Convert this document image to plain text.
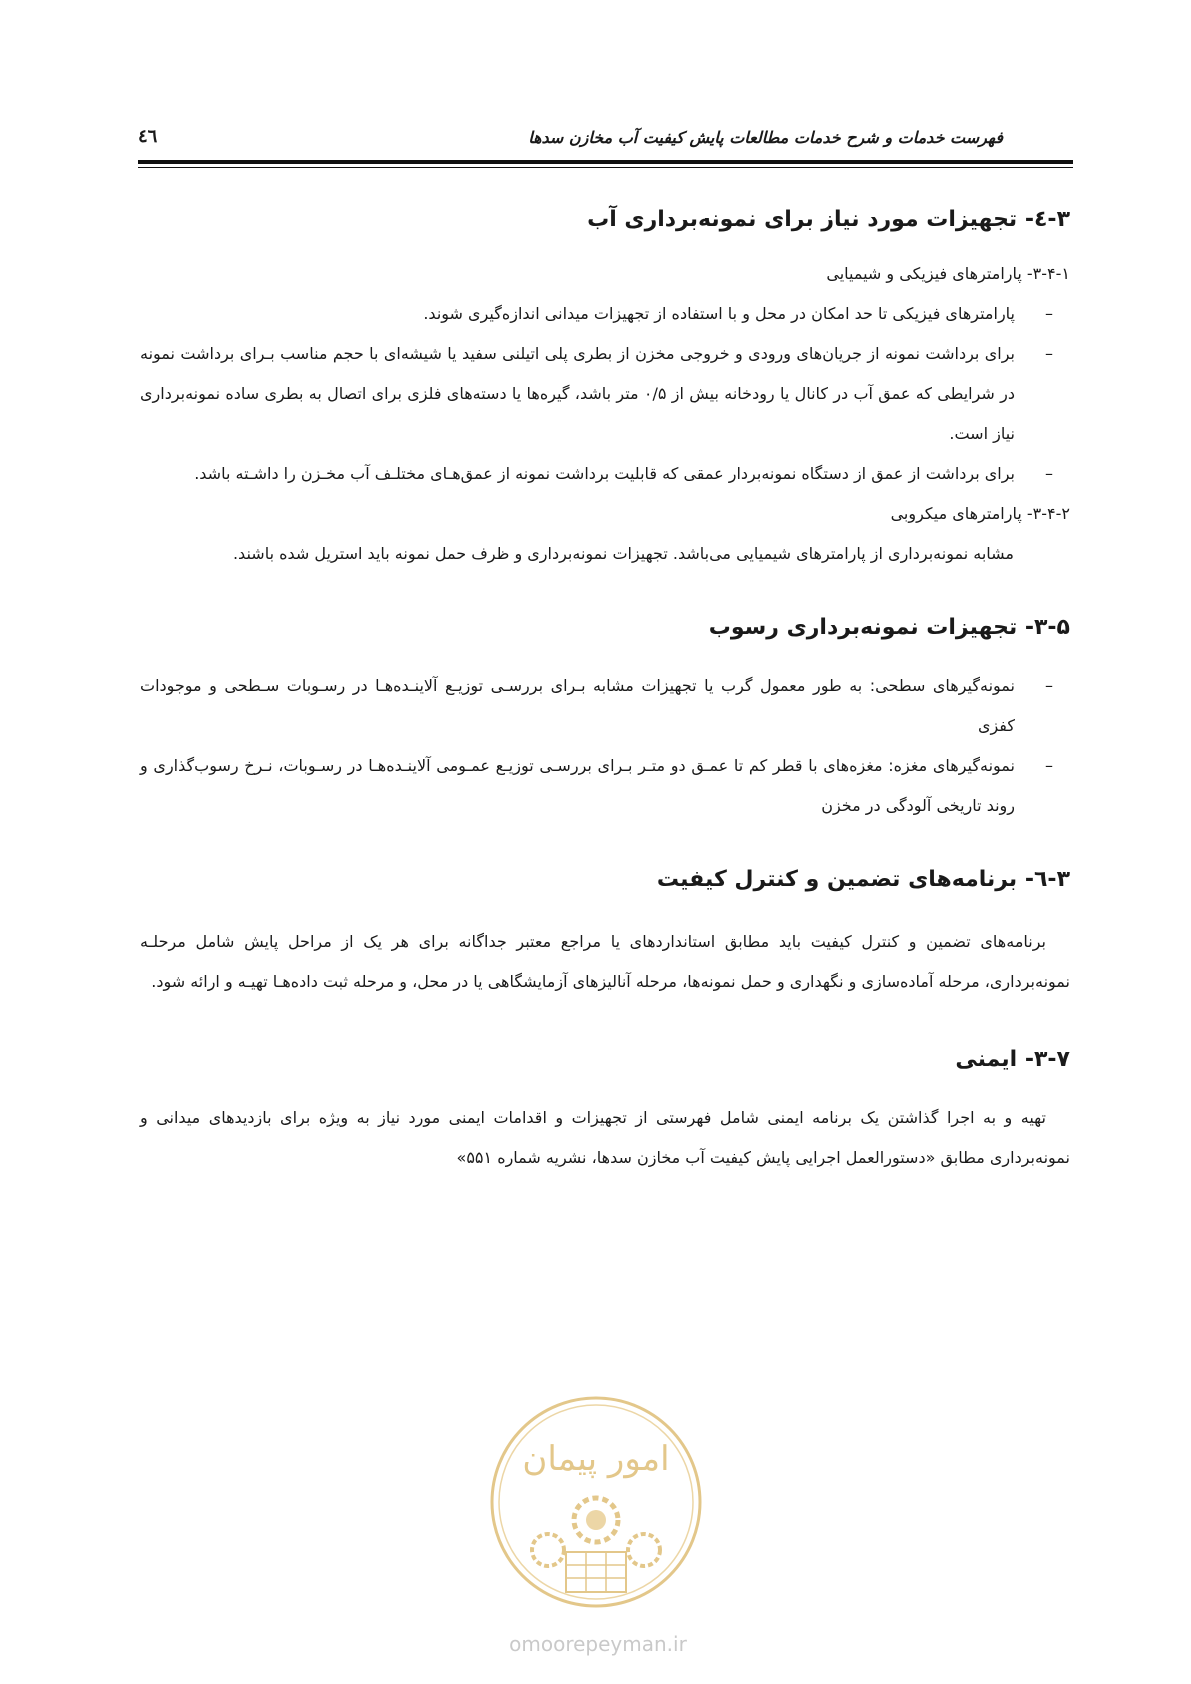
فهرست خدمات و شرح خدمات مطالعات پایش کیفیت آب مخازن سدها
٤٦
۳-٤- تجهیزات مورد نیاز برای نمونه‌برداری آب
۳-۴-۱- پارامترهای فیزیکی و شیمیایی
– پارامترهای فیزیکی تا حد امکان در محل و با استفاده از تجهیزات میدانی اندازه‌گیری شوند.
– برای برداشت نمونه از جریان‌های ورودی و خروجی مخزن از بطری پلی اتیلنی سفید یا شیشه‌ای با حجم مناسب بـرای برداشت نمونه در شرایطی که عمق آب در کانال یا رودخانه بیش از ۰/۵ متر باشد، گیره‌ها یا دسته‌های فلزی برای اتصال به بطری ساده نمونه‌برداری نیاز است.
– برای برداشت از عمق از دستگاه نمونه‌بردار عمقی که قابلیت برداشت نمونه از عمق‌هـای مختلـف آب مخـزن را داشـته باشد.
۳-۴-۲- پارامترهای میکروبی

مشابه نمونه‌برداری از پارامترهای شیمیایی می‌باشد. تجهیزات نمونه‌برداری و ظرف حمل نمونه باید استریل شده باشند.

۳-۵- تجهیزات نمونه‌برداری رسوب
– نمونه‌گیرهای سطحی: به طور معمول گرب یا تجهیزات مشابه بـرای بررسـی توزیـع آلاینـده‌هـا در رسـوبات سـطحی و موجودات کفزی
– نمونه‌گیرهای مغزه: مغزه‌های با قطر کم تا عمـق دو متـر بـرای بررسـی توزیـع عمـومی آلاینـده‌هـا در رسـوبات، نـرخ رسوب‌گذاری و روند تاریخی آلودگی در مخزن
۳-٦- برنامه‌های تضمین و کنترل کیفیت

برنامه‌های تضمین و کنترل کیفیت باید مطابق استانداردهای یا مراجع معتبر جداگانه برای هر یک از مراحل پایش شامل مرحلـه نمونه‌برداری، مرحله آماده‌سازی و نگهداری و حمل نمونه‌ها، مرحله آنالیزهای آزمایشگاهی یا در محل، و مرحله ثبت داده‌هـا تهیـه و ارائه شود.

۳-۷- ایمنی

تهیه و به اجرا گذاشتن یک برنامه ایمنی شامل فهرستی از تجهیزات و اقدامات ایمنی مورد نیاز به ویژه برای بازدیدهای میدانی و نمونه‌برداری مطابق «دستورالعمل اجرایی پایش کیفیت آب مخازن سدها، نشریه شماره ۵۵۱»

امور پیمان
omoorepeyman.ir
